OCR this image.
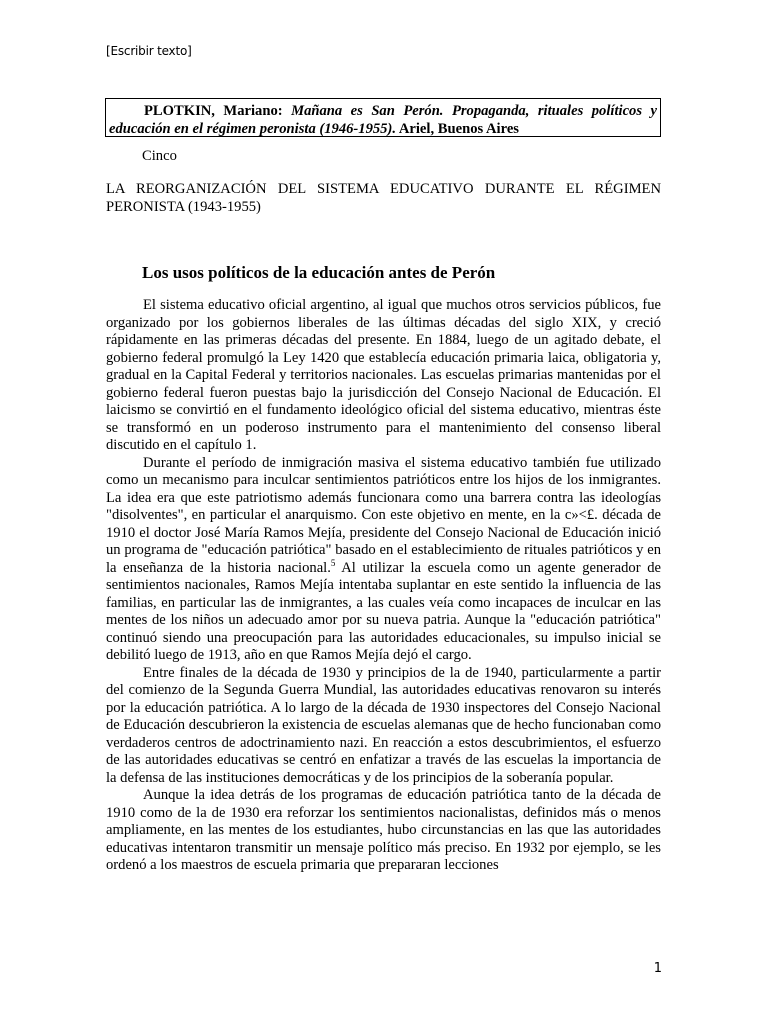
[Escribir texto]
PLOTKIN, Mariano: Mañana es San Perón. Propaganda, rituales políticos y educación en el régimen peronista (1946-1955). Ariel, Buenos Aires
Cinco
LA REORGANIZACIÓN DEL SISTEMA EDUCATIVO DURANTE EL RÉGIMEN PERONISTA (1943-1955)
Los usos políticos de la educación antes de Perón

El sistema educativo oficial argentino, al igual que muchos otros servicios públicos, fue organizado por los gobiernos liberales de las últimas décadas del siglo XIX, y creció rápidamente en las primeras décadas del presente. En 1884, luego de un agitado debate, el gobierno federal promulgó la Ley 1420 que establecía educación primaria laica, obligatoria y, gradual en la Capital Federal y territorios nacionales. Las escuelas primarias mantenidas por el gobierno federal fueron puestas bajo la jurisdicción del Consejo Nacional de Educación. El laicismo se convirtió en el fundamento ideológico oficial del sistema educativo, mientras éste se transformó en un poderoso instrumento para el mantenimiento del consenso liberal discutido en el capítulo 1.

Durante el período de inmigración masiva el sistema educativo también fue utilizado como un mecanismo para inculcar sentimientos patrióticos entre los hijos de los inmigrantes. La idea era que este patriotismo además funcionara como una barrera contra las ideologías "disolventes", en particular el anarquismo. Con este objetivo en mente, en la c»<£. década de 1910 el doctor José María Ramos Mejía, presidente del Consejo Nacional de Educación inició un programa de "educación patriótica" basado en el establecimiento de rituales patrióticos y en la enseñanza de la historia nacional.$^5$ Al utilizar la escuela como un agente generador de sentimientos nacionales, Ramos Mejía intentaba suplantar en este sentido la influencia de las familias, en particular las de inmigrantes, a las cuales veía como incapaces de inculcar en las mentes de los niños un adecuado amor por su nueva patria. Aunque la "educación patriótica" continuó siendo una preocupación para las autoridades educacionales, su impulso inicial se debilitó luego de 1913, año en que Ramos Mejía dejó el cargo.

Entre finales de la década de 1930 y principios de la de 1940, particularmente a partir del comienzo de la Segunda Guerra Mundial, las autoridades educativas renovaron su interés por la educación patriótica. A lo largo de la década de 1930 inspectores del Consejo Nacional de Educación descubrieron la existencia de escuelas alemanas que de hecho funcionaban como verdaderos centros de adoctrinamiento nazi. En reacción a estos descubrimientos, el esfuerzo de las autoridades educativas se centró en enfatizar a través de las escuelas la importancia de la defensa de las instituciones democráticas y de los principios de la soberanía popular.

Aunque la idea detrás de los programas de educación patriótica tanto de la década de 1910 como de la de 1930 era reforzar los sentimientos nacionalistas, definidos más o menos ampliamente, en las mentes de los estudiantes, hubo circunstancias en las que las autoridades educativas intentaron transmitir un mensaje político más preciso. En 1932 por ejemplo, se les ordenó a los maestros de escuela primaria que prepararan lecciones

1
